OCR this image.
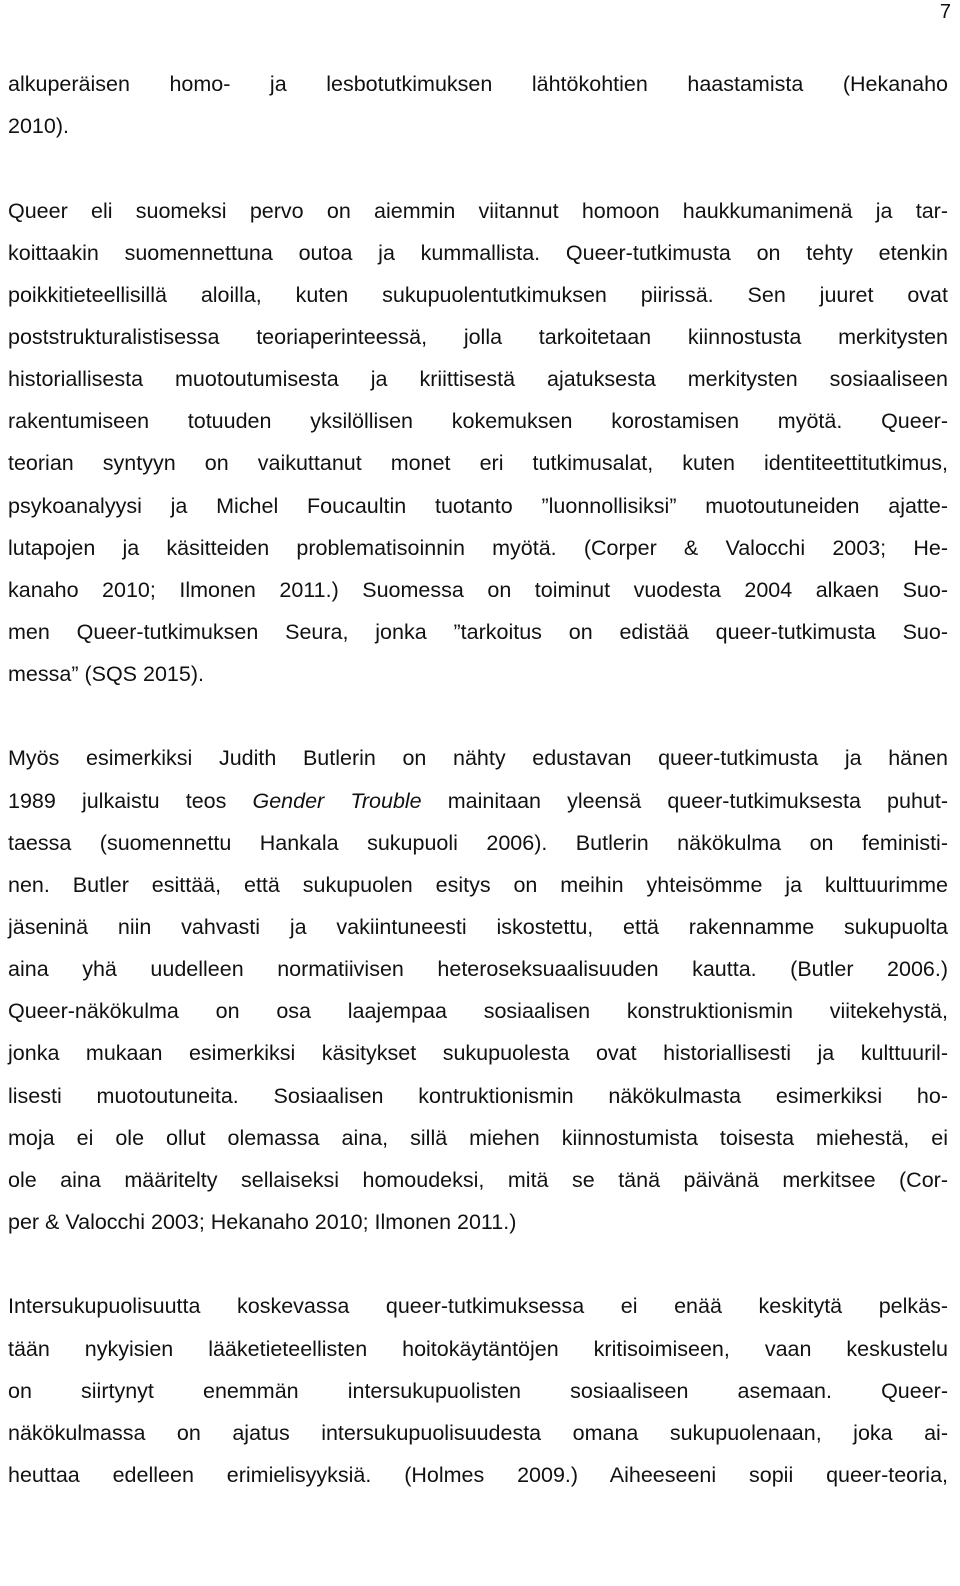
7
alkuperäisen homo- ja lesbotutkimuksen lähtökohtien haastamista (Hekanaho
2010).
Queer eli suomeksi pervo on aiemmin viitannut homoon haukkumanimenä ja tar-
koittaakin suomennettuna outoa ja kummallista. Queer-tutkimusta on tehty etenkin
poikkitieteellisillä aloilla, kuten sukupuolentutkimuksen piirissä. Sen juuret ovat
poststrukturalistisessa teoriaperinteessä, jolla tarkoitetaan kiinnostusta merkitysten
historiallisesta muotoutumisesta ja kriittisestä ajatuksesta merkitysten sosiaaliseen
rakentumiseen totuuden yksilöllisen kokemuksen korostamisen myötä. Queer-
teorian syntyyn on vaikuttanut monet eri tutkimusalat, kuten identiteettitutkimus,
psykoanalyysi ja Michel Foucaultin tuotanto ”luonnollisiksi” muotoutuneiden ajatte-
lutapojen ja käsitteiden problematisoinnin myötä. (Corper & Valocchi 2003; He-
kanaho 2010; Ilmonen 2011.) Suomessa on toiminut vuodesta 2004 alkaen Suo-
men Queer-tutkimuksen Seura, jonka ”tarkoitus on edistää queer-tutkimusta Suo-
messa” (SQS 2015).
Myös esimerkiksi Judith Butlerin on nähty edustavan queer-tutkimusta ja hänen
1989 julkaistu teos Gender Trouble mainitaan yleensä queer-tutkimuksesta puhut-
taessa (suomennettu Hankala sukupuoli 2006). Butlerin näkökulma on feministi-
nen. Butler esittää, että sukupuolen esitys on meihin yhteisömme ja kulttuurimme
jäseninä niin vahvasti ja vakiintuneesti iskostettu, että rakennamme sukupuolta
aina yhä uudelleen normatiivisen heteroseksuaalisuuden kautta. (Butler 2006.)
Queer-näkökulma on osa laajempaa sosiaalisen konstruktionismin viitekehystä,
jonka mukaan esimerkiksi käsitykset sukupuolesta ovat historiallisesti ja kulttuuril-
lisesti muotoutuneita. Sosiaalisen kontruktionismin näkökulmasta esimerkiksi ho-
moja ei ole ollut olemassa aina, sillä miehen kiinnostumista toisesta miehestä, ei
ole aina määritelty sellaiseksi homoudeksi, mitä se tänä päivänä merkitsee (Cor-
per & Valocchi 2003; Hekanaho 2010; Ilmonen 2011.)
Intersukupuolisuutta koskevassa queer-tutkimuksessa ei enää keskitytä pelkäs-
tään nykyisien lääketieteellisten hoitokäytäntöjen kritisoimiseen, vaan keskustelu
on siirtynyt enemmän intersukupuolisten sosiaaliseen asemaan. Queer-
näkökulmassa on ajatus intersukupuolisuudesta omana sukupuolenaan, joka ai-
heuttaa edelleen erimielisyyksiä. (Holmes 2009.) Aiheeseeni sopii queer-teoria,
